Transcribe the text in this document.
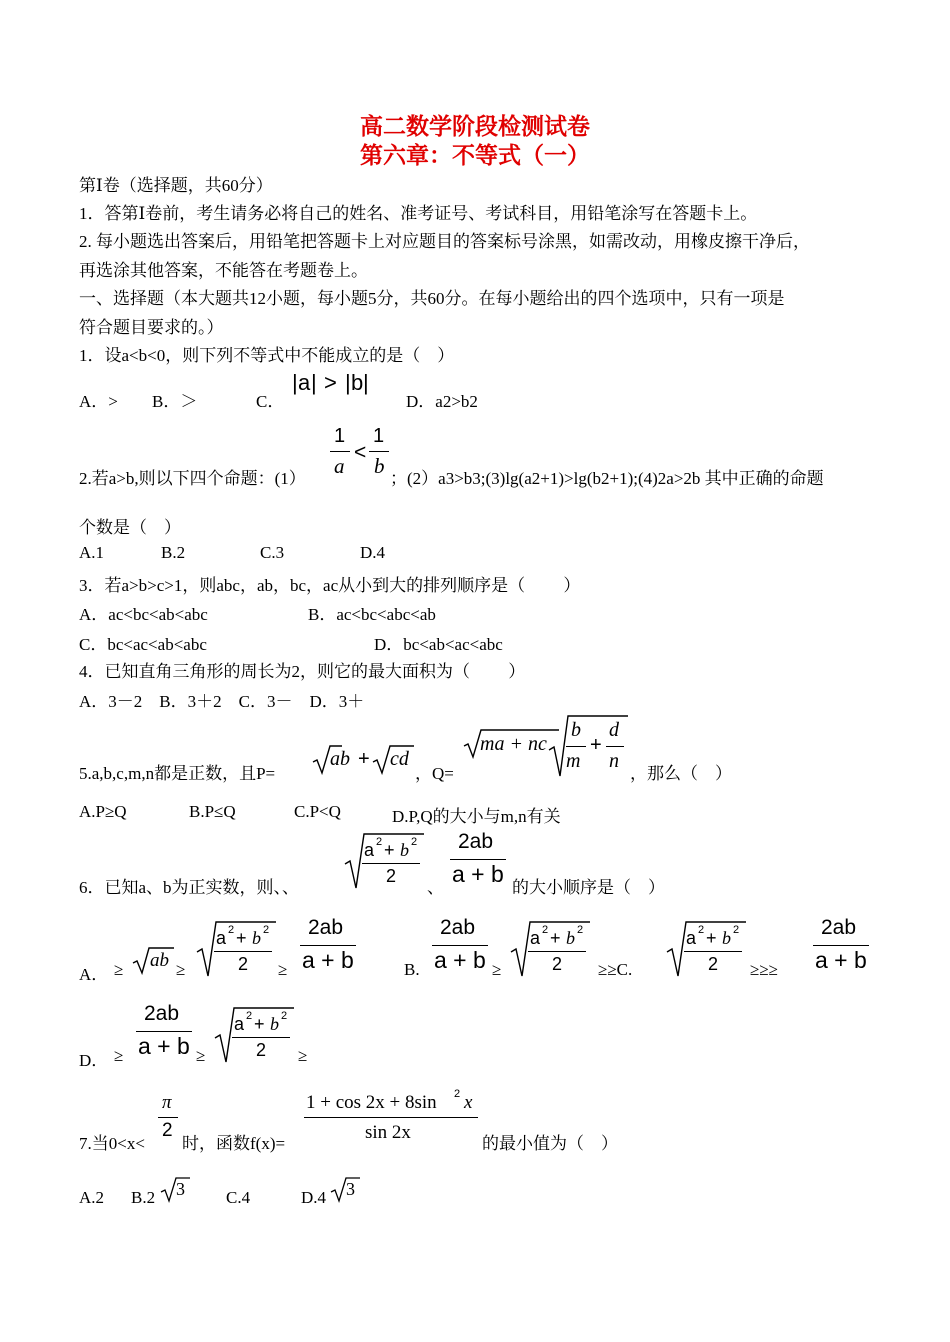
高二数学阶段检测试卷
第六章：不等式（一）
第Ⅰ卷（选择题，共60分）
1．答第Ⅰ卷前，考生请务必将自己的姓名、准考证号、考试科目，用铅笔涂写在答题卡上。
2. 每小题选出答案后，用铅笔把答题卡上对应题目的答案标号涂黑，如需改动，用橡皮擦干净后，
再选涂其他答案，不能答在考题卷上。
一、选择题（本大题共12小题，每小题5分，共60分。在每小题给出的四个选项中，只有一项是
符合题目要求的。）
1．设a<b<0，则下列不等式中不能成立的是（　）
A．> B．＞	C．
| a | > | b |
D．a2>b2
2.若a>b,则以下四个命题：(1）
1
a
<
1
b
；(2）a3>b3;(3)lg(a2+1)>lg(b2+1);(4)2a>2b 其中正确的命题
个数是（　）
A.1	B.2	C.3	D.4
3．若a>b>c>1，则abc，ab，bc，ac从小到大的排列顺序是（　　 ）
A．ac<bc<ab<abc	B．ac<bc<abc<ab
C．bc<ac<ab<abc	D．bc<ab<ac<abc
4．已知直角三角形的周长为2，则它的最大面积为（　　 ）
A．3－2　B．3＋2　C．3－　D．3＋
5.a,b,c,m,n都是正数，且P=
ab + cd
，Q=
ma + nc
b
m
+
d
n
，那么（　）
A.P≥Q	B.P≤Q	C.P<Q	D.P,Q的大小与m,n有关
6．已知a、b为正实数，则、、
a 2 + b 2
2
、
2ab
a + b
的大小顺序是（　）
A． ≥ ab ≥
a 2 + b 2
2 ≥
2ab
a + b	B.
2ab
a + b ≥
a 2 + b 2
2 ≥≥C.
a 2 + b 2
2 ≥≥≥
2ab
a + b
D． ≥
2ab
a + b ≥
a 2 + b 2
2 ≥
7.当0<x<
π
2
时，函数f(x)=
1 + cos 2x + 8sin 2 x
sin 2x
的最小值为（　）
A.2 B.2 3 C.4	D.4 3
